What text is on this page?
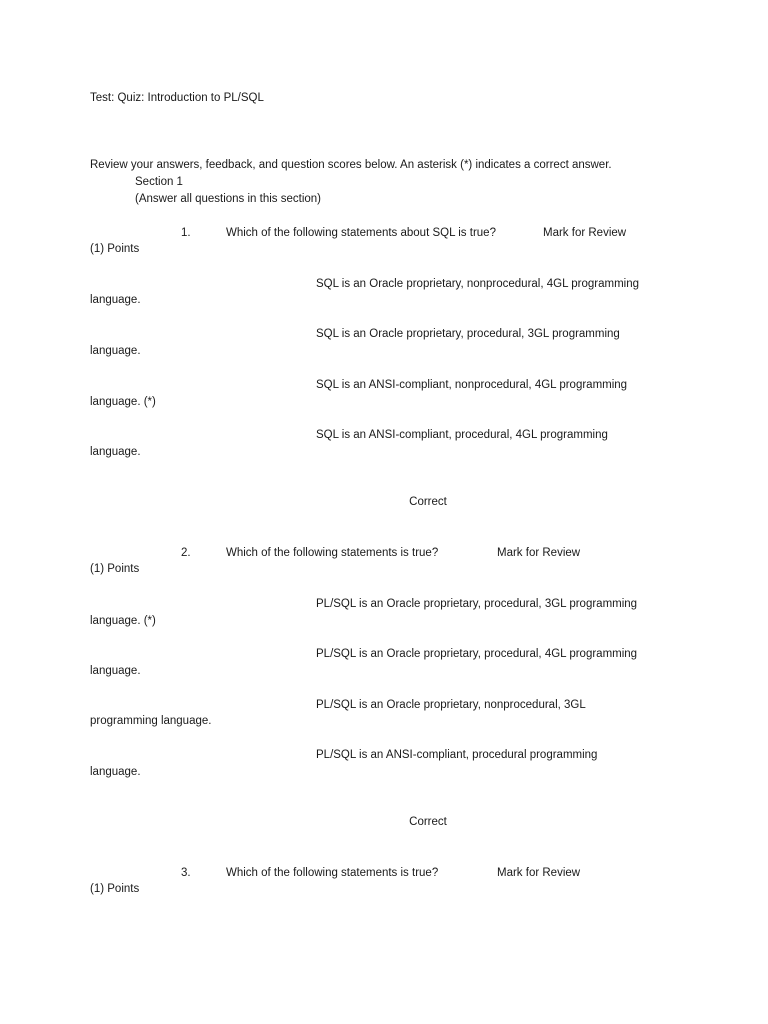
Test: Quiz: Introduction to PL/SQL
Review your answers, feedback, and question scores below. An asterisk (*) indicates a correct answer.
Section 1
(Answer all questions in this section)
1.	Which of the following statements about SQL is true?	Mark for Review
(1) Points
SQL is an Oracle proprietary, nonprocedural, 4GL programming
language.
SQL is an Oracle proprietary, procedural, 3GL programming
language.
SQL is an ANSI-compliant, nonprocedural, 4GL programming
language. (*)
SQL is an ANSI-compliant, procedural, 4GL programming
language.
Correct
2.	Which of the following statements is true?	Mark for Review
(1) Points
PL/SQL is an Oracle proprietary, procedural, 3GL programming
language. (*)
PL/SQL is an Oracle proprietary, procedural, 4GL programming
language.
PL/SQL is an Oracle proprietary, nonprocedural, 3GL
programming language.
PL/SQL is an ANSI-compliant, procedural programming
language.
Correct
3.	Which of the following statements is true?	Mark for Review
(1) Points
